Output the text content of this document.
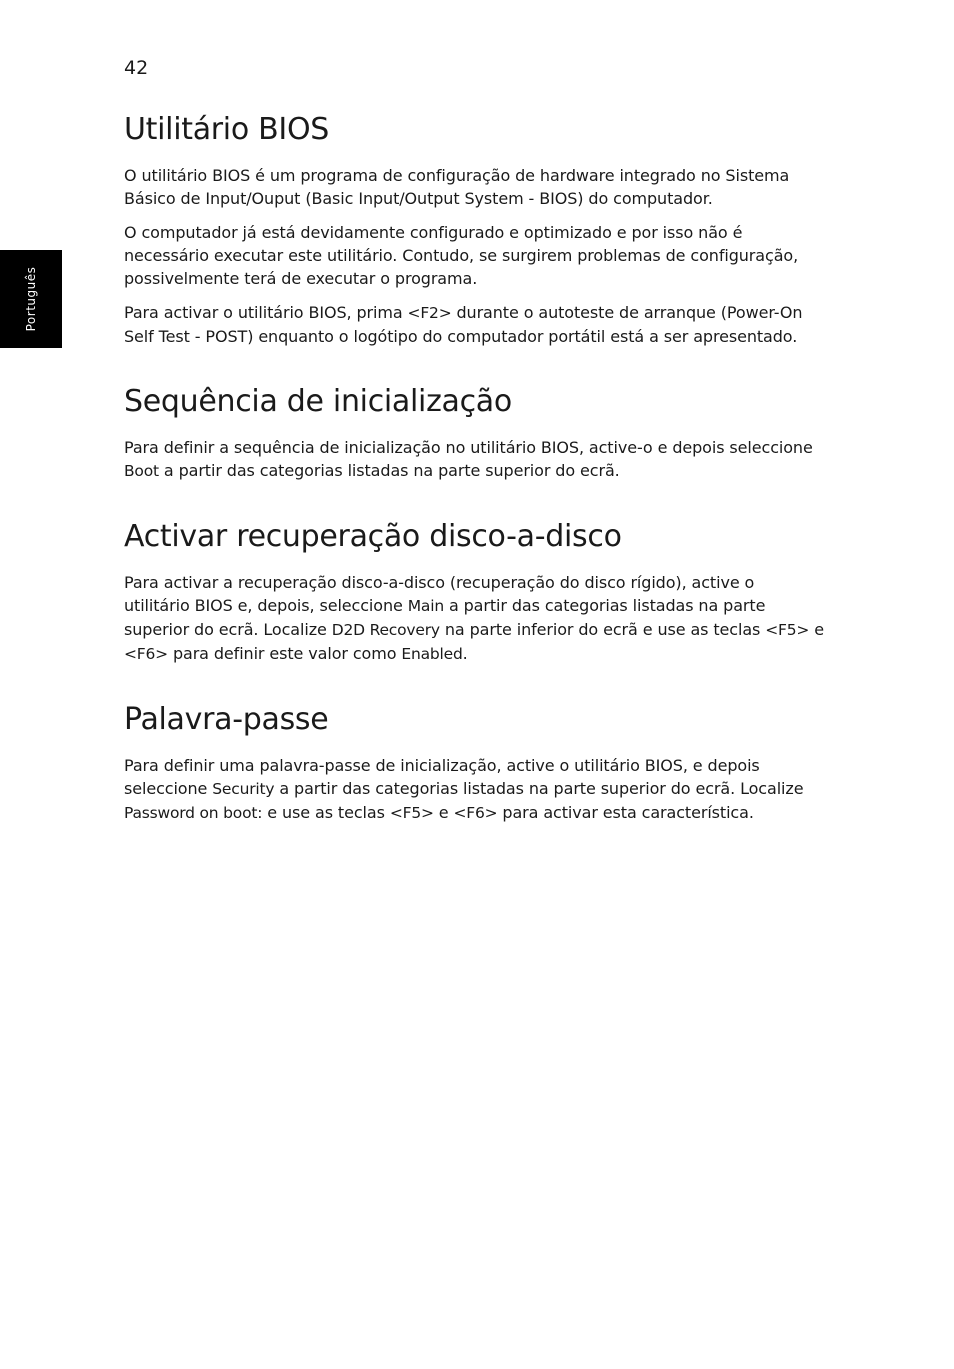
42
Português
Utilitário BIOS

O utilitário BIOS é um programa de configuração de hardware integrado no Sistema Básico de Input/Ouput (Basic Input/Output System - BIOS) do computador.

O computador já está devidamente configurado e optimizado e por isso não é necessário executar este utilitário. Contudo, se surgirem problemas de configuração, possivelmente terá de executar o programa.

Para activar o utilitário BIOS, prima <F2> durante o autoteste de arranque (Power-On Self Test - POST) enquanto o logótipo do computador portátil está a ser apresentado.

Sequência de inicialização

Para definir a sequência de inicialização no utilitário BIOS, active-o e depois seleccione Boot a partir das categorias listadas na parte superior do ecrã.

Activar recuperação disco-a-disco

Para activar a recuperação disco-a-disco (recuperação do disco rígido), active o utilitário BIOS e, depois, seleccione Main a partir das categorias listadas na parte superior do ecrã. Localize D2D Recovery na parte inferior do ecrã e use as teclas <F5> e <F6> para definir este valor como Enabled.

Palavra-passe

Para definir uma palavra-passe de inicialização, active o utilitário BIOS, e depois seleccione Security a partir das categorias listadas na parte superior do ecrã. Localize Password on boot: e use as teclas <F5> e <F6> para activar esta característica.
